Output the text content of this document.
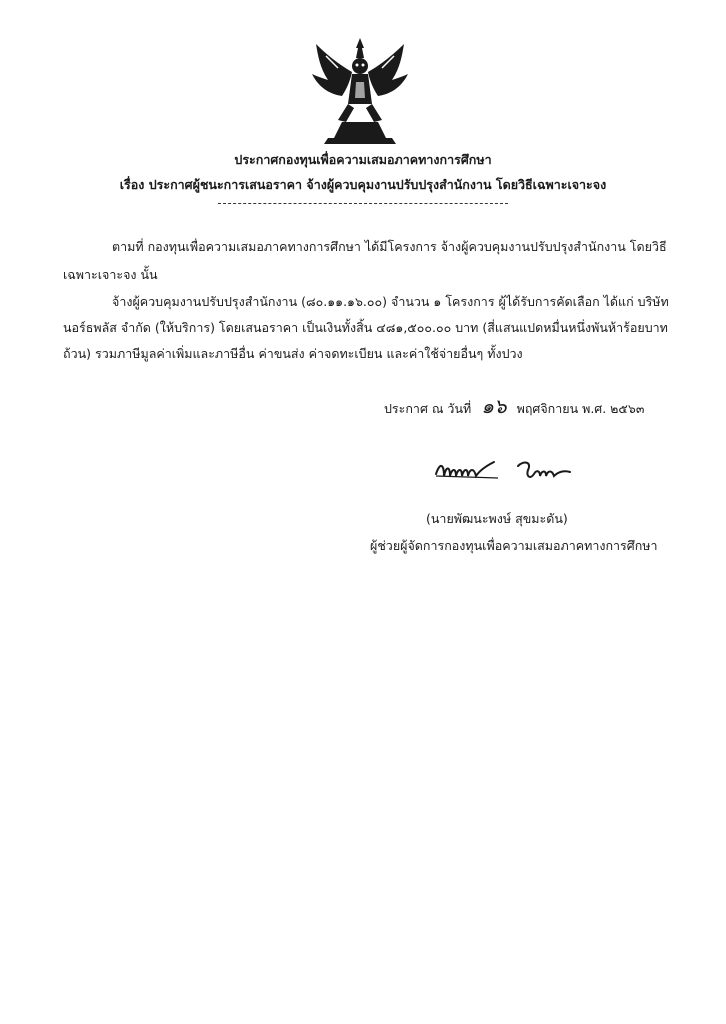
ประกาศกองทุนเพื่อความเสมอภาคทางการศึกษา
เรื่อง ประกาศผู้ชนะการเสนอราคา จ้างผู้ควบคุมงานปรับปรุงสำนักงาน โดยวิธีเฉพาะเจาะจง
ตามที่ กองทุนเพื่อความเสมอภาคทางการศึกษา ได้มีโครงการ จ้างผู้ควบคุมงานปรับปรุงสำนักงาน โดยวิธี
เฉพาะเจาะจง นั้น
จ้างผู้ควบคุมงานปรับปรุงสำนักงาน (๘๐.๑๑.๑๖.๐๐) จำนวน ๑ โครงการ ผู้ได้รับการคัดเลือก ได้แก่ บริษัท
นอร์ธพลัส จำกัด (ให้บริการ) โดยเสนอราคา เป็นเงินทั้งสิ้น ๔๘๑,๕๐๐.๐๐ บาท (สี่แสนแปดหมื่นหนึ่งพันห้าร้อยบาท
ถ้วน) รวมภาษีมูลค่าเพิ่มและภาษีอื่น ค่าขนส่ง ค่าจดทะเบียน และค่าใช้จ่ายอื่นๆ ทั้งปวง
ประกาศ ณ วันที่ ๑๖ พฤศจิกายน พ.ศ. ๒๕๖๓
(นายพัฒนะพงษ์ สุขมะดัน)
ผู้ช่วยผู้จัดการกองทุนเพื่อความเสมอภาคทางการศึกษา
